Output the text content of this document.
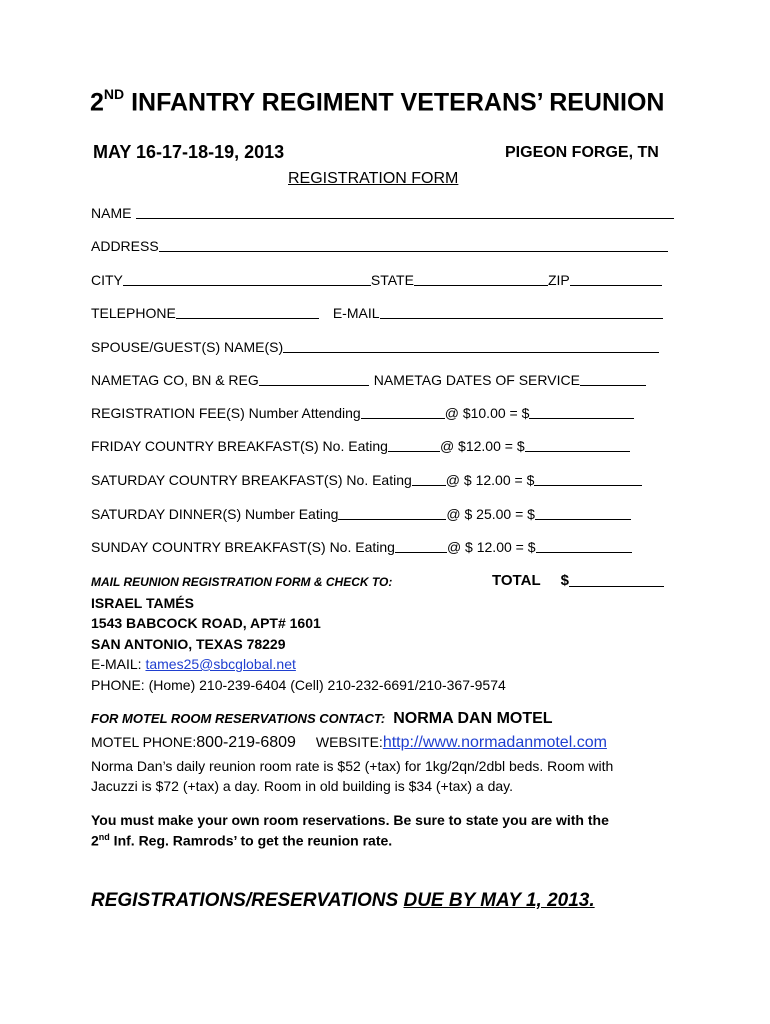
2ND INFANTRY REGIMENT VETERANS’ REUNION
MAY 16-17-18-19, 2013	PIGEON FORGE, TN
REGISTRATION FORM
NAME
ADDRESS
CITY	STATE	ZIP
TELEPHONE	E-MAIL
SPOUSE/GUEST(S) NAME(S)
NAMETAG CO, BN & REG	NAMETAG DATES OF SERVICE
REGISTRATION FEE(S) Number Attending	@ $10.00 = $
FRIDAY COUNTRY BREAKFAST(S) No. Eating	@ $12.00 = $
SATURDAY COUNTRY BREAKFAST(S) No. Eating @ $ 12.00 = $
SATURDAY DINNER(S) Number Eating	@ $ 25.00 = $
SUNDAY COUNTRY BREAKFAST(S) No. Eating	@ $ 12.00 = $
MAIL REUNION REGISTRATION FORM & CHECK TO:	TOTAL $
ISRAEL TAMÉS
1543 BABCOCK ROAD, APT# 1601
SAN ANTONIO, TEXAS 78229
E-MAIL: tames25@sbcglobal.net
PHONE: (Home) 210-239-6404 (Cell) 210-232-6691/210-367-9574
FOR MOTEL ROOM RESERVATIONS CONTACT: NORMA DAN MOTEL
MOTEL PHONE: 800-219-6809 WEBSITE: http://www.normadanmotel.com
Norma Dan’s daily reunion room rate is $52 (+tax) for 1kg/2qn/2dbl beds. Room with
Jacuzzi is $72 (+tax) a day. Room in old building is $34 (+tax) a day.
You must make your own room reservations. Be sure to state you are with the
2nd Inf. Reg. Ramrods’ to get the reunion rate.
REGISTRATIONS/RESERVATIONS DUE BY MAY 1, 2013.
